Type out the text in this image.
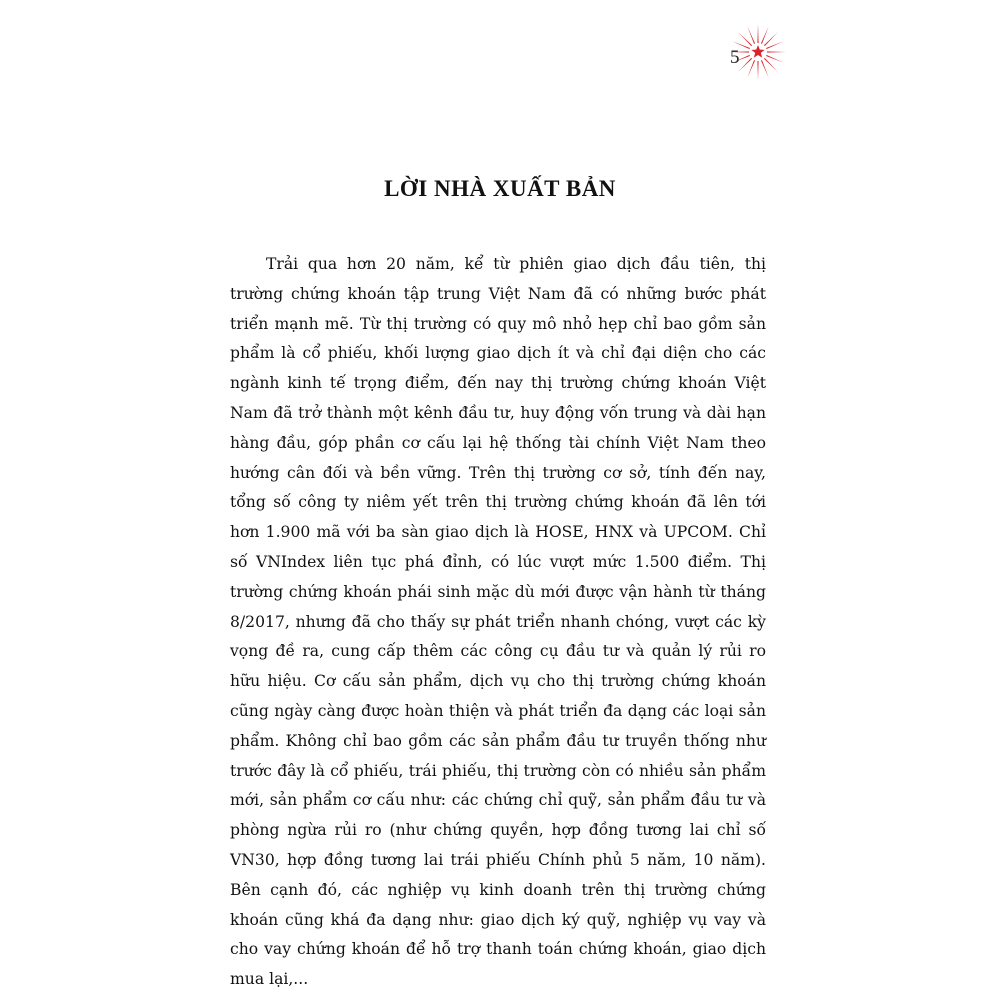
5
LỜI NHÀ XUẤT BẢN

Trải qua hơn 20 năm, kể từ phiên giao dịch đầu tiên, thị trường chứng khoán tập trung Việt Nam đã có những bước phát triển mạnh mẽ. Từ thị trường có quy mô nhỏ hẹp chỉ bao gồm sản phẩm là cổ phiếu, khối lượng giao dịch ít và chỉ đại diện cho các ngành kinh tế trọng điểm, đến nay thị trường chứng khoán Việt Nam đã trở thành một kênh đầu tư, huy động vốn trung và dài hạn hàng đầu, góp phần cơ cấu lại hệ thống tài chính Việt Nam theo hướng cân đối và bền vững. Trên thị trường cơ sở, tính đến nay, tổng số công ty niêm yết trên thị trường chứng khoán đã lên tới hơn 1.900 mã với ba sàn giao dịch là HOSE, HNX và UPCOM. Chỉ số VNIndex liên tục phá đỉnh, có lúc vượt mức 1.500 điểm. Thị trường chứng khoán phái sinh mặc dù mới được vận hành từ tháng 8/2017, nhưng đã cho thấy sự phát triển nhanh chóng, vượt các kỳ vọng đề ra, cung cấp thêm các công cụ đầu tư và quản lý rủi ro hữu hiệu. Cơ cấu sản phẩm, dịch vụ cho thị trường chứng khoán cũng ngày càng được hoàn thiện và phát triển đa dạng các loại sản phẩm. Không chỉ bao gồm các sản phẩm đầu tư truyền thống như trước đây là cổ phiếu, trái phiếu, thị trường còn có nhiều sản phẩm mới, sản phẩm cơ cấu như: các chứng chỉ quỹ, sản phẩm đầu tư và phòng ngừa rủi ro (như chứng quyền, hợp đồng tương lai chỉ số VN30, hợp đồng tương lai trái phiếu Chính phủ 5 năm, 10 năm). Bên cạnh đó, các nghiệp vụ kinh doanh trên thị trường chứng khoán cũng khá đa dạng như: giao dịch ký quỹ, nghiệp vụ vay và cho vay chứng khoán để hỗ trợ thanh toán chứng khoán, giao dịch mua lại,...
